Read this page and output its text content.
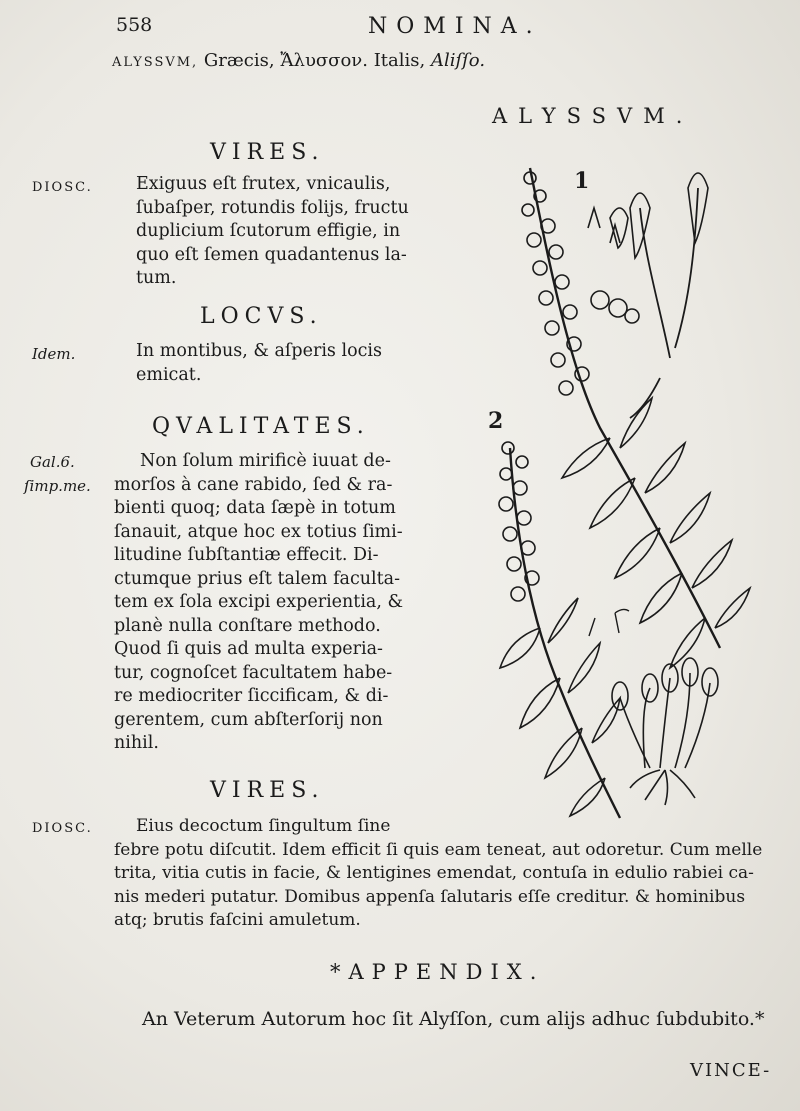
558	NOMINA.
ALYSSVM, Græcis, Ἄλυσσον. Italis, Aliſſo.
ALYSSVM.
VIRES.
DIOSC. Exiguus eſt frutex, vnicaulis,
ſubaſper, rotundis folijs, fructu
duplicium ſcutorum effigie, in
quo eſt ſemen quadantenus la-
tum.
LOCVS.
Idem.	In montibus, & aſperis locis
emicat.
QVALITATES.
Gal.6.
ſimp.me.
Non ſolum mirificè iuuat de-
morſos à cane rabido, ſed & ra-
bienti quoq; data ſæpè in totum
ſanauit, atque hoc ex totius ſimi-
litudine ſubſtantiæ effecit. Di-
ctumque prius eſt talem faculta-
tem ex ſola excipi experientia, &
planè nulla conſtare methodo.
Quod ſi quis ad multa experia-
tur, cognoſcet facultatem habe-
re mediocriter ſiccificam, & di-
gerentem, cum abſterſorij non
nihil.
VIRES.
DIOSC.	Eius decoctum ſingultum ſine
febre potu diſcutit. Idem efficit ſi quis eam teneat, aut odoretur. Cum melle
trita, vitia cutis in facie, & lentigines emendat, contuſa in edulio rabiei ca-
nis mederi putatur. Domibus appenſa ſalutaris eſſe creditur. & hominibus
atq; brutis faſcini amuletum.
*APPENDIX.
An Veterum Autorum hoc ſit Alyſſon, cum alijs adhuc ſubdubito.*
VINCE-
1
2
